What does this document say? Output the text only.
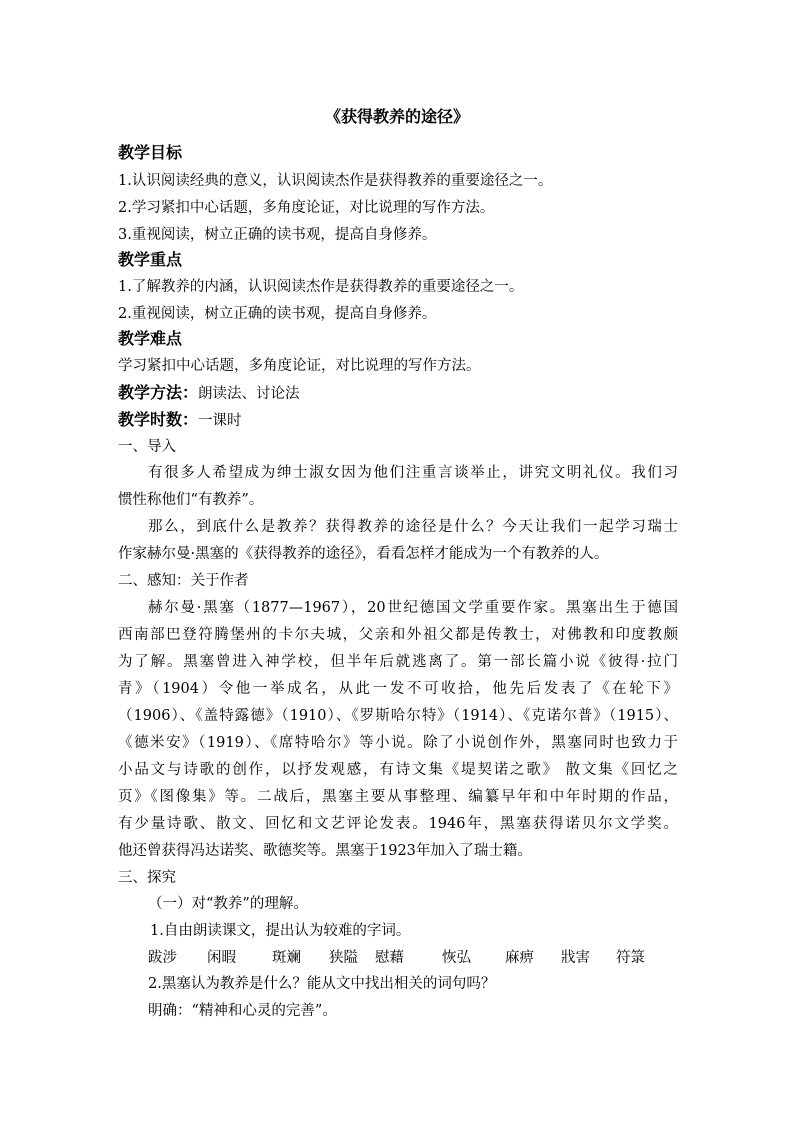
《获得教养的途径》
教学目标
1.认识阅读经典的意义，认识阅读杰作是获得教养的重要途径之一。
2.学习紧扣中心话题，多角度论证，对比说理的写作方法。
3.重视阅读，树立正确的读书观，提高自身修养。
教学重点
1.了解教养的内涵，认识阅读杰作是获得教养的重要途径之一。
2.重视阅读，树立正确的读书观，提高自身修养。
教学难点
学习紧扣中心话题，多角度论证，对比说理的写作方法。
教学方法：朗读法、讨论法
教学时数：一课时
一、导入
有很多人希望成为绅士淑女因为他们注重言谈举止，讲究文明礼仪。我们习
惯性称他们“有教养”。
那么，到底什么是教养？获得教养的途径是什么？今天让我们一起学习瑞士
作家赫尔曼·黑塞的《获得教养的途径》，看看怎样才能成为一个有教养的人。
二、感知：关于作者
赫尔曼·黑塞（1877—1967），20世纪德国文学重要作家。黑塞出生于德国
西南部巴登符腾堡州的卡尔夫城，父亲和外祖父都是传教士，对佛教和印度教颇
为了解。黑塞曾进入神学校，但半年后就逃离了。第一部长篇小说《彼得·拉门
青》（1904）令他一举成名，从此一发不可收拾，他先后发表了《在轮下》
（1906）、《盖特露德》（1910）、《罗斯哈尔特》（1914）、《克诺尔普》（1915）、
《德米安》（1919）、《席特哈尔》等小说。除了小说创作外，黑塞同时也致力于
小品文与诗歌的创作，以抒发观感，有诗文集《堤契诺之歌》 散文集《回忆之
页》《图像集》等。二战后，黑塞主要从事整理、编纂早年和中年时期的作品，
有少量诗歌、散文、回忆和文艺评论发表。1946年，黑塞获得诺贝尔文学奖。
他还曾获得冯达诺奖、歌德奖等。黑塞于1923年加入了瑞士籍。
三、探究
（一）对“教养”的理解。
1.自由朗读课文，提出认为较难的字词。
跋涉 闲暇 斑斓 狭隘 慰藉	恢弘 麻痹 戕害 符箓
2.黑塞认为教养是什么？能从文中找出相关的词句吗？
明确：“精神和心灵的完善”。
